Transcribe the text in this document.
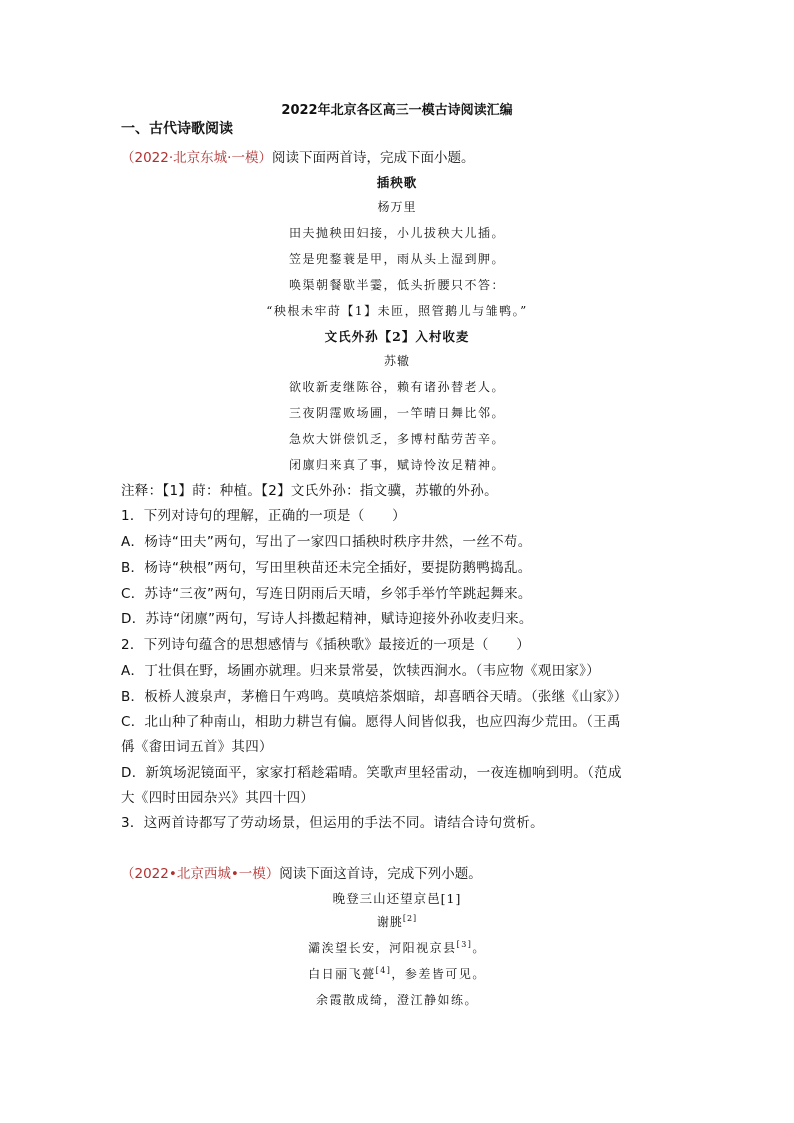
2022年北京各区高三一模古诗阅读汇编
一、古代诗歌阅读
（2022·北京东城·一模）阅读下面两首诗，完成下面小题。
插秧歌
杨万里
田夫抛秧田妇接，小儿拔秧大儿插。
笠是兜鍪蓑是甲，雨从头上湿到胛。
唤渠朝餐歇半霎，低头折腰只不答：
“秧根未牢莳【1】未匝，照管鹅儿与雏鸭。”
文氏外孙【2】入村收麦
苏辙
欲收新麦继陈谷，赖有诸孙替老人。
三夜阴霪败场圃，一竿晴日舞比邻。
急炊大饼偿饥乏，多博村酤劳苦辛。
闭廪归来真了事，赋诗怜汝足精神。
注释：【1】莳：种植。【2】文氏外孙：指文骥，苏辙的外孙。
1．下列对诗句的理解，正确的一项是（　　）
A．杨诗“田夫”两句，写出了一家四口插秧时秩序井然，一丝不苟。
B．杨诗“秧根”两句，写田里秧苗还未完全插好，要提防鹅鸭捣乱。
C．苏诗“三夜”两句，写连日阴雨后天晴，乡邻手举竹竿跳起舞来。
D．苏诗“闭廪”两句，写诗人抖擞起精神，赋诗迎接外孙收麦归来。
2．下列诗句蕴含的思想感情与《插秧歌》最接近的一项是（　　）
A．丁壮俱在野，场圃亦就理。归来景常晏，饮犊西涧水。（韦应物《观田家》）
B．板桥人渡泉声，茅檐日午鸡鸣。莫嗔焙茶烟暗，却喜晒谷天晴。（张继《山家》）
C．北山种了种南山，相助力耕岂有偏。愿得人间皆似我，也应四海少荒田。（王禹
偁《畬田词五首》其四）
D．新筑场泥镜面平，家家打稻趁霜晴。笑歌声里轻雷动，一夜连枷响到明。（范成
大《四时田园杂兴》其四十四）
3．这两首诗都写了劳动场景，但运用的手法不同。请结合诗句赏析。
（2022•北京西城•一模）阅读下面这首诗，完成下列小题。
晚登三山还望京邑[1]
谢朓[2]
灞涘望长安，河阳视京县[3]。
白日丽飞甍[4]，参差皆可见。
余霞散成绮，澄江静如练。
